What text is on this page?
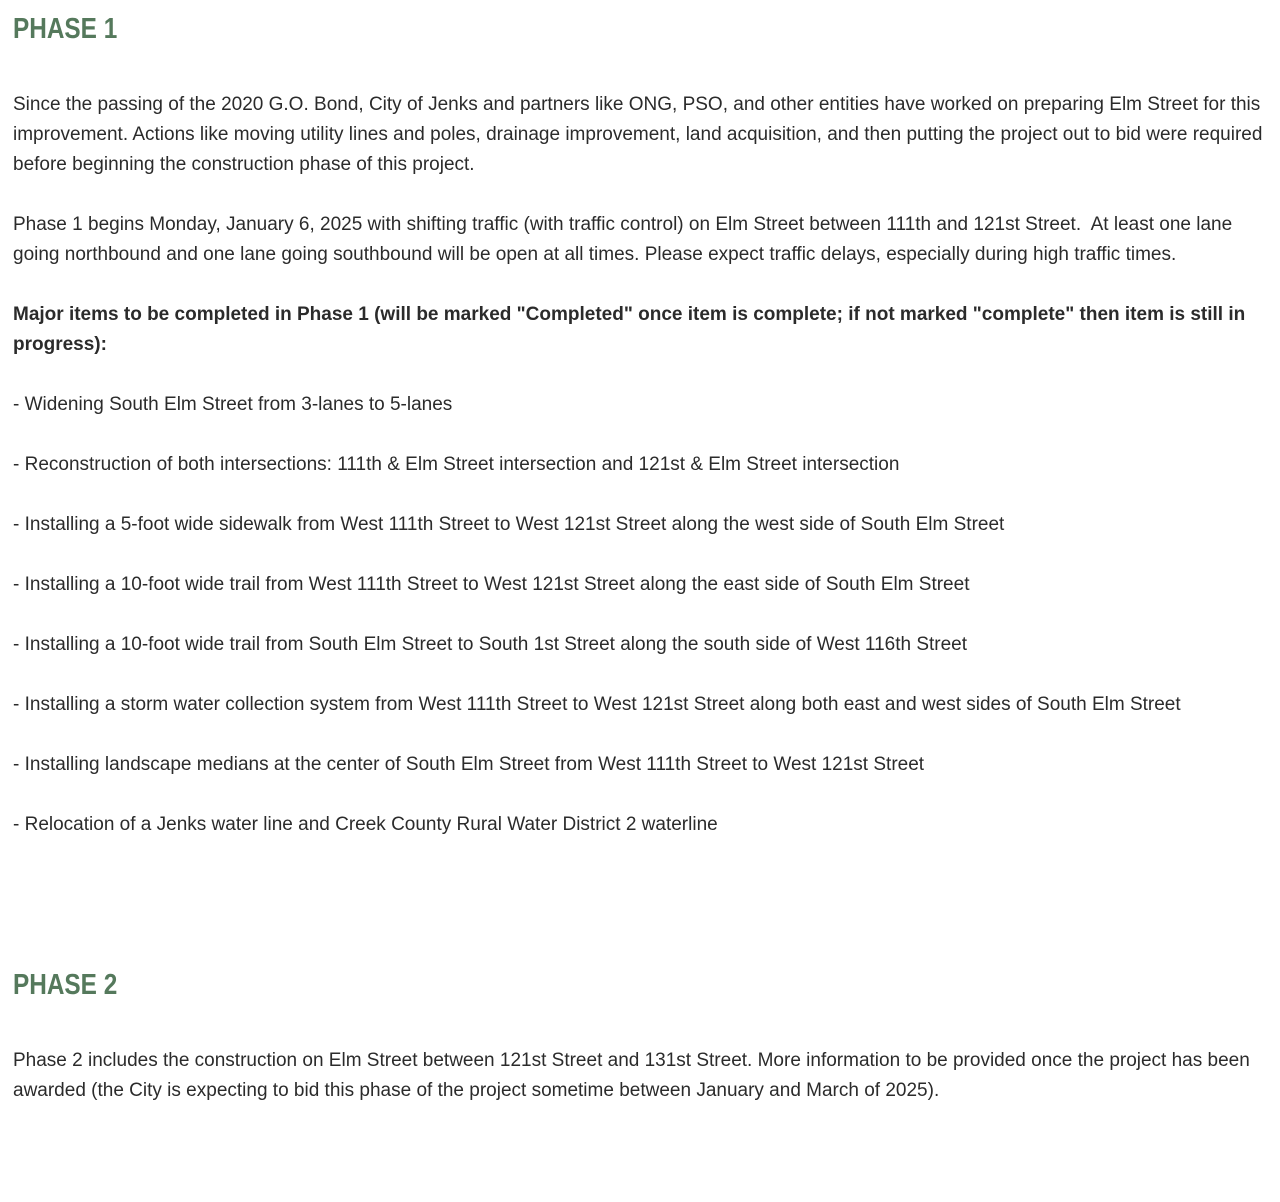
PHASE 1

Since the passing of the 2020 G.O. Bond, City of Jenks and partners like ONG, PSO, and other entities have worked on preparing Elm Street for this improvement. Actions like moving utility lines and poles, drainage improvement, land acquisition, and then putting the project out to bid were required before beginning the construction phase of this project.

Phase 1 begins Monday, January 6, 2025 with shifting traffic (with traffic control) on Elm Street between 111th and 121st Street.  At least one lane going northbound and one lane going southbound will be open at all times. Please expect traffic delays, especially during high traffic times.

Major items to be completed in Phase 1 (will be marked "Completed" once item is complete; if not marked "complete" then item is still in progress):

- Widening South Elm Street from 3-lanes to 5-lanes

- Reconstruction of both intersections: 111th & Elm Street intersection and 121st & Elm Street intersection

- Installing a 5-foot wide sidewalk from West 111th Street to West 121st Street along the west side of South Elm Street

- Installing a 10-foot wide trail from West 111th Street to West 121st Street along the east side of South Elm Street

- Installing a 10-foot wide trail from South Elm Street to South 1st Street along the south side of West 116th Street

- Installing a storm water collection system from West 111th Street to West 121st Street along both east and west sides of South Elm Street

- Installing landscape medians at the center of South Elm Street from West 111th Street to West 121st Street

- Relocation of a Jenks water line and Creek County Rural Water District 2 waterline

PHASE 2

Phase 2 includes the construction on Elm Street between 121st Street and 131st Street. More information to be provided once the project has been awarded (the City is expecting to bid this phase of the project sometime between January and March of 2025).
